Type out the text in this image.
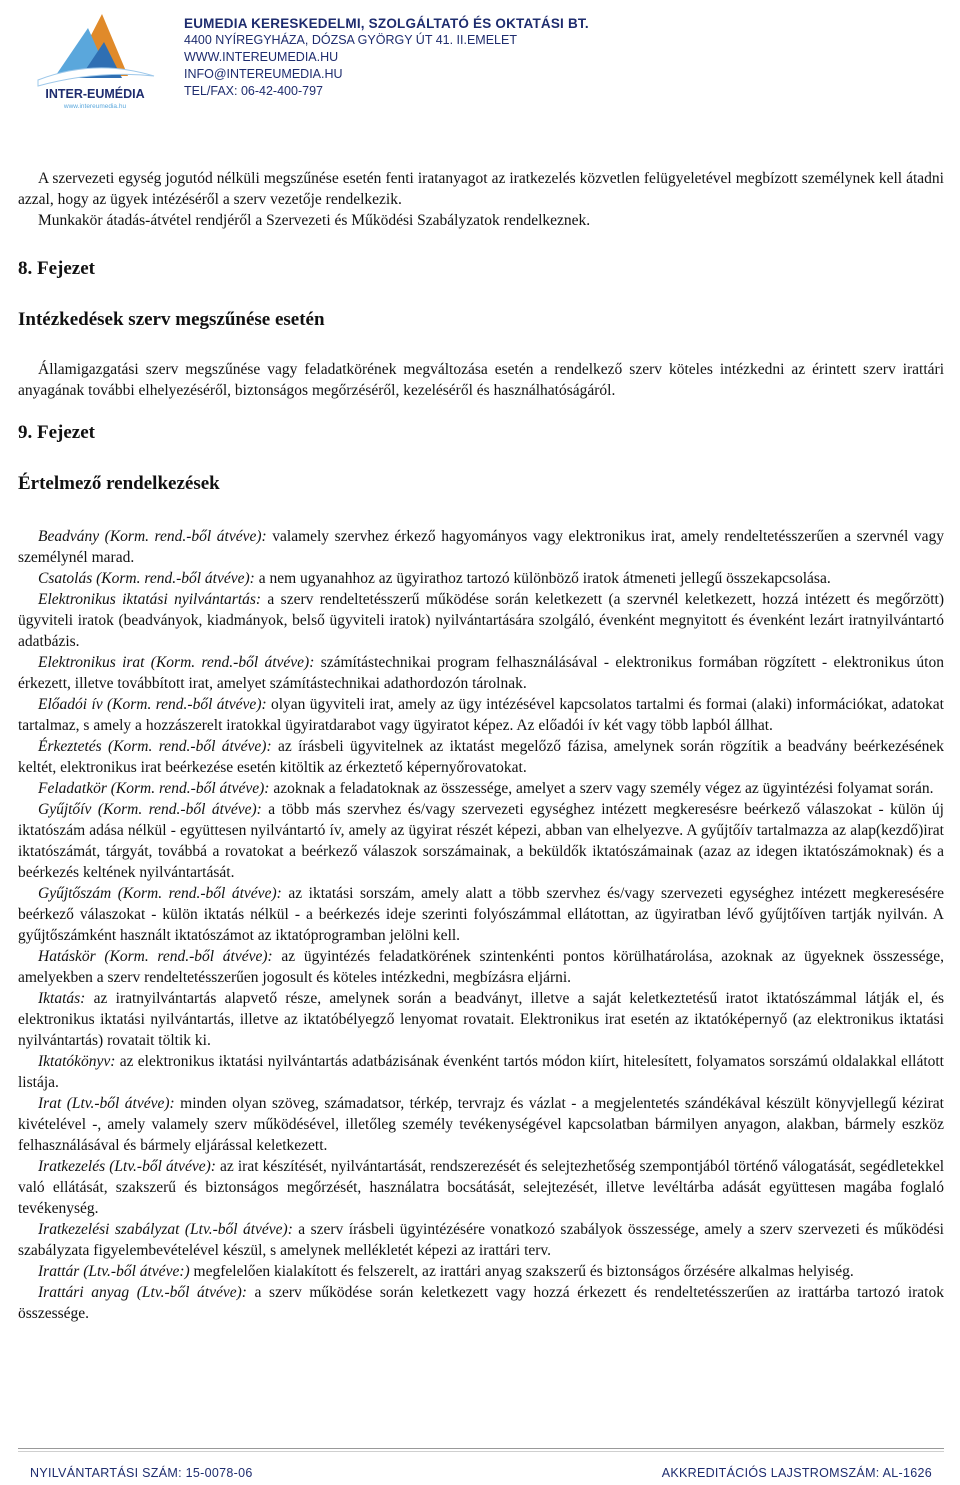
INTER-EUMÉDIA
www.intereumedia.hu
EUMEDIA KERESKEDELMI, SZOLGÁLTATÓ ÉS OKTATÁSI BT.
4400 NYÍREGYHÁZA, DÓZSA GYÖRGY ÚT 41. II.EMELET
WWW.INTEREUMEDIA.HU
INFO@INTEREUMEDIA.HU
TEL/FAX: 06-42-400-797

A szervezeti egység jogutód nélküli megszűnése esetén fenti iratanyagot az iratkezelés közvetlen felügyeletével megbízott személynek kell átadni azzal, hogy az ügyek intézéséről a szerv vezetője rendelkezik.

Munkakör átadás-átvétel rendjéről a Szervezeti és Működési Szabályzatok rendelkeznek.

8. Fejezet
Intézkedések szerv megszűnése esetén

Államigazgatási szerv megszűnése vagy feladatkörének megváltozása esetén a rendelkező szerv köteles intézkedni az érintett szerv irattári anyagának további elhelyezéséről, biztonságos megőrzéséről, kezeléséről és használhatóságáról.

9. Fejezet
Értelmező rendelkezések

Beadvány (Korm. rend.-ből átvéve): valamely szervhez érkező hagyományos vagy elektronikus irat, amely rendeltetésszerűen a szervnél vagy személynél marad.

Csatolás (Korm. rend.-ből átvéve): a nem ugyanahhoz az ügyirathoz tartozó különböző iratok átmeneti jellegű összekapcsolása.

Elektronikus iktatási nyilvántartás: a szerv rendeltetésszerű működése során keletkezett (a szervnél keletkezett, hozzá intézett és megőrzött) ügyviteli iratok (beadványok, kiadmányok, belső ügyviteli iratok) nyilvántartására szolgáló, évenként megnyitott és évenként lezárt iratnyilvántartó adatbázis.

Elektronikus irat (Korm. rend.-ből átvéve): számítástechnikai program felhasználásával - elektronikus formában rögzített - elektronikus úton érkezett, illetve továbbított irat, amelyet számítástechnikai adathordozón tárolnak.

Előadói ív (Korm. rend.-ből átvéve): olyan ügyviteli irat, amely az ügy intézésével kapcsolatos tartalmi és formai (alaki) információkat, adatokat tartalmaz, s amely a hozzászerelt iratokkal ügyiratdarabot vagy ügyiratot képez. Az előadói ív két vagy több lapból állhat.

Érkeztetés (Korm. rend.-ből átvéve): az írásbeli ügyvitelnek az iktatást megelőző fázisa, amelynek során rögzítik a beadvány beérkezésének keltét, elektronikus irat beérkezése esetén kitöltik az érkeztető képernyőrovatokat.

Feladatkör (Korm. rend.-ből átvéve): azoknak a feladatoknak az összessége, amelyet a szerv vagy személy végez az ügyintézési folyamat során.

Gyűjtőív (Korm. rend.-ből átvéve): a több más szervhez és/vagy szervezeti egységhez intézett megkeresésre beérkező válaszokat - külön új iktatószám adása nélkül - együttesen nyilvántartó ív, amely az ügyirat részét képezi, abban van elhelyezve. A gyűjtőív tartalmazza az alap(kezdő)irat iktatószámát, tárgyát, továbbá a rovatokat a beérkező válaszok sorszámainak, a beküldők iktatószámainak (azaz az idegen iktatószámoknak) és a beérkezés keltének nyilvántartását.

Gyűjtőszám (Korm. rend.-ből átvéve): az iktatási sorszám, amely alatt a több szervhez és/vagy szervezeti egységhez intézett megkeresésére beérkező válaszokat - külön iktatás nélkül - a beérkezés ideje szerinti folyószámmal ellátottan, az ügyiratban lévő gyűjtőíven tartják nyilván. A gyűjtőszámként használt iktatószámot az iktatóprogramban jelölni kell.

Hatáskör (Korm. rend.-ből átvéve): az ügyintézés feladatkörének szintenkénti pontos körülhatárolása, azoknak az ügyeknek összessége, amelyekben a szerv rendeltetésszerűen jogosult és köteles intézkedni, megbízásra eljárni.

Iktatás: az iratnyilvántartás alapvető része, amelynek során a beadványt, illetve a saját keletkeztetésű iratot iktatószámmal látják el, és elektronikus iktatási nyilvántartás, illetve az iktatóbélyegző lenyomat rovatait. Elektronikus irat esetén az iktatóképernyő (az elektronikus iktatási nyilvántartás) rovatait töltik ki.

Iktatókönyv: az elektronikus iktatási nyilvántartás adatbázisának évenként tartós módon kiírt, hitelesített, folyamatos sorszámú oldalakkal ellátott listája.

Irat (Ltv.-ből átvéve): minden olyan szöveg, számadatsor, térkép, tervrajz és vázlat - a megjelentetés szándékával készült könyvjellegű kézirat kivételével -, amely valamely szerv működésével, illetőleg személy tevékenységével kapcsolatban bármilyen anyagon, alakban, bármely eszköz felhasználásával és bármely eljárással keletkezett.

Iratkezelés (Ltv.-ből átvéve): az irat készítését, nyilvántartását, rendszerezését és selejtezhetőség szempontjából történő válogatását, segédletekkel való ellátását, szakszerű és biztonságos megőrzését, használatra bocsátását, selejtezését, illetve levéltárba adását együttesen magába foglaló tevékenység.

Iratkezelési szabályzat (Ltv.-ből átvéve): a szerv írásbeli ügyintézésére vonatkozó szabályok összessége, amely a szerv szervezeti és működési szabályzata figyelembevételével készül, s amelynek mellékletét képezi az irattári terv.

Irattár (Ltv.-ből átvéve:) megfelelően kialakított és felszerelt, az irattári anyag szakszerű és biztonságos őrzésére alkalmas helyiség.

Irattári anyag (Ltv.-ből átvéve): a szerv működése során keletkezett vagy hozzá érkezett és rendeltetésszerűen az irattárba tartozó iratok összessége.

NYILVÁNTARTÁSI SZÁM: 15-0078-06	AKKREDITÁCIÓS LAJSTROMSZÁM: AL-1626
